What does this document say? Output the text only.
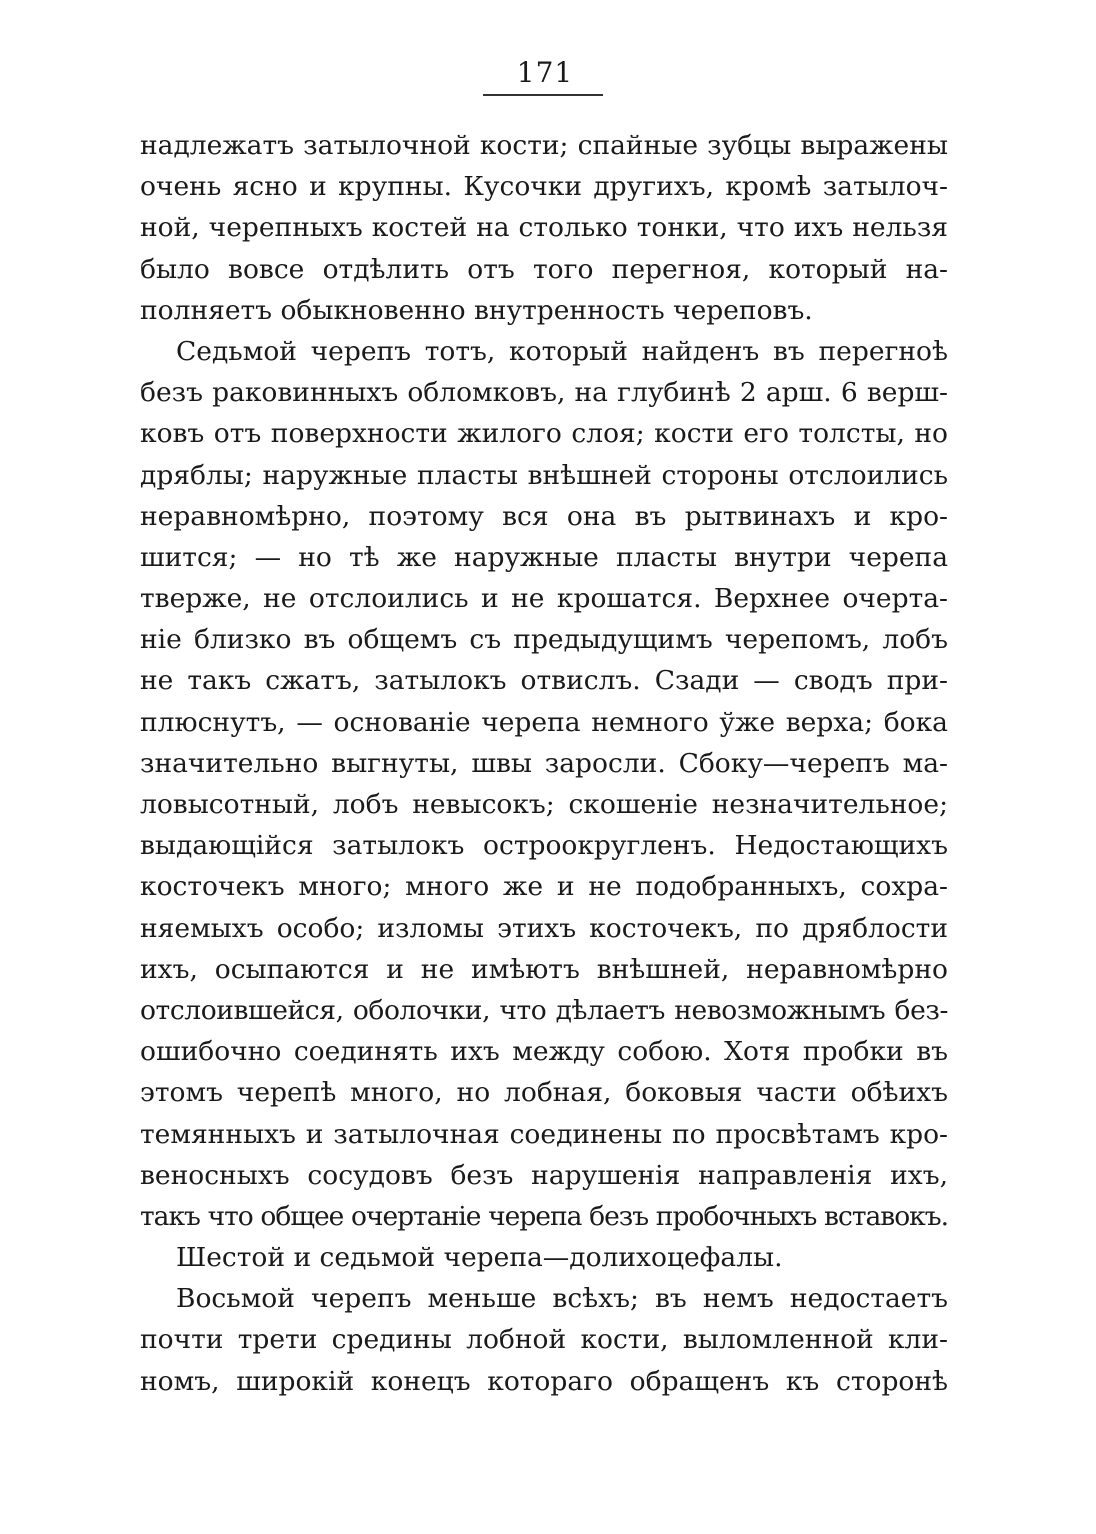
171

надлежатъ затылочной кости; спайные зубцы выражены
очень ясно и крупны. Кусочки другихъ, кромѣ затылоч-
ной, черепныхъ костей на столько тонки, что ихъ нельзя
было вовсе отдѣлить отъ того перегноя, который на-
полняетъ обыкновенно внутренность череповъ.

Седьмой черепъ тотъ, который найденъ въ перегноѣ
безъ раковинныхъ обломковъ, на глубинѣ 2 арш. 6 верш-
ковъ отъ поверхности жилого слоя; кости его толсты, но
дряблы; наружные пласты внѣшней стороны отслоились
неравномѣрно, поэтому вся она въ рытвинахъ и кро-
шится; — но тѣ же наружные пласты внутри черепа
тверже, не отслоились и не крошатся. Верхнее очерта-
ніе близко въ общемъ съ предыдущимъ черепомъ, лобъ
не такъ сжатъ, затылокъ отвислъ. Сзади — сводъ при-
плюснутъ, — основаніе черепа немного ўже верха; бока
значительно выгнуты, швы заросли. Сбоку—черепъ ма-
ловысотный, лобъ невысокъ; скошеніе незначительное;
выдающійся затылокъ остроокругленъ. Недостающихъ
косточекъ много; много же и не подобранныхъ, сохра-
няемыхъ особо; изломы этихъ косточекъ, по дряблости
ихъ, осыпаются и не имѣютъ внѣшней, неравномѣрно
отслоившейся, оболочки, что дѣлаетъ невозможнымъ без-
ошибочно соединять ихъ между собою. Хотя пробки въ
этомъ черепѣ много, но лобная, боковыя части обѣихъ
темянныхъ и затылочная соединены по просвѣтамъ кро-
веносныхъ сосудовъ безъ нарушенія направленія ихъ,
такъ что общее очертаніе черепа безъ пробочныхъ вставокъ.

Шестой и седьмой черепа—долихоцефалы.

Восьмой черепъ меньше всѣхъ; въ немъ недостаетъ
почти трети средины лобной кости, выломленной кли-
номъ, широкій конецъ котораго обращенъ къ сторонѣ
